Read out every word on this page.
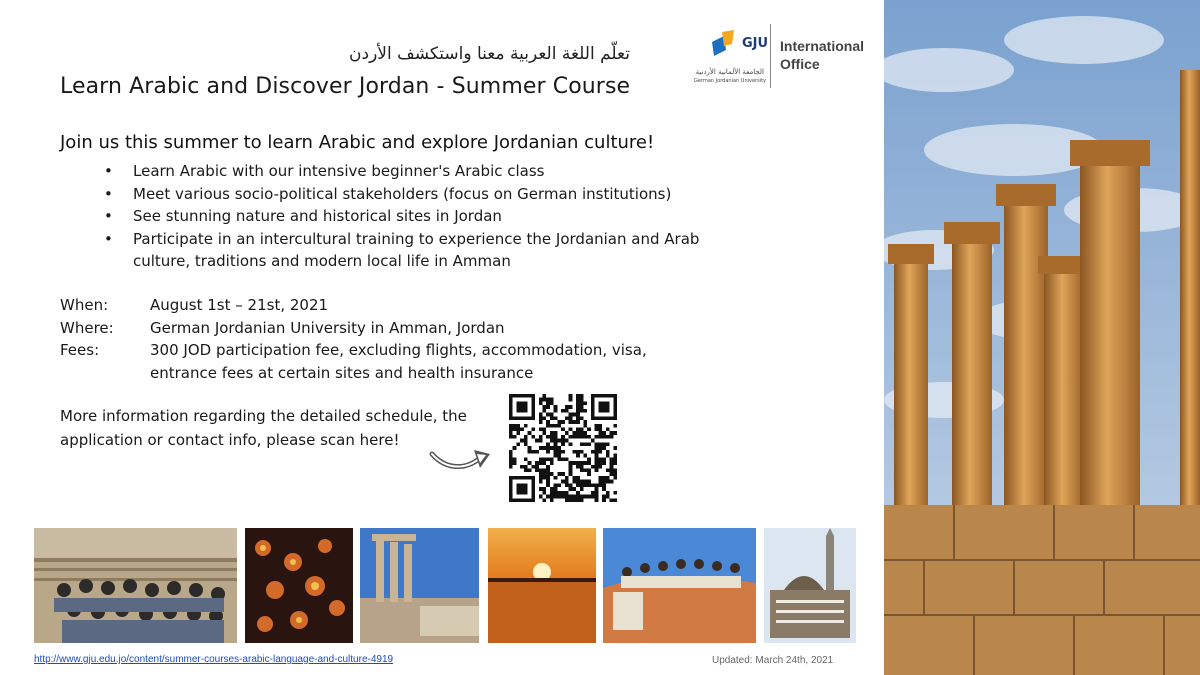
تعلّم اللغة العربية معنا واستكشف الأردن
Learn Arabic and Discover Jordan - Summer Course
GJU
الجامعة الألمانية الأردنية
German Jordanian University
International
Office
Join us this summer to learn Arabic and explore Jordanian culture!
• Learn Arabic with our intensive beginner's Arabic class
• Meet various socio-political stakeholders (focus on German institutions)
• See stunning nature and historical sites in Jordan
• Participate in an intercultural training to experience the Jordanian and Arab culture, traditions and modern local life in Amman
When:	August 1st – 21st, 2021
Where:	German Jordanian University in Amman, Jordan
Fees:	300 JOD participation fee, excluding flights, accommodation, visa, entrance fees at certain sites and health insurance
More information regarding the detailed schedule, the application or contact info, please scan here!
http://www.gju.edu.jo/content/summer-courses-arabic-language-and-culture-4919	Updated: March 24th, 2021
